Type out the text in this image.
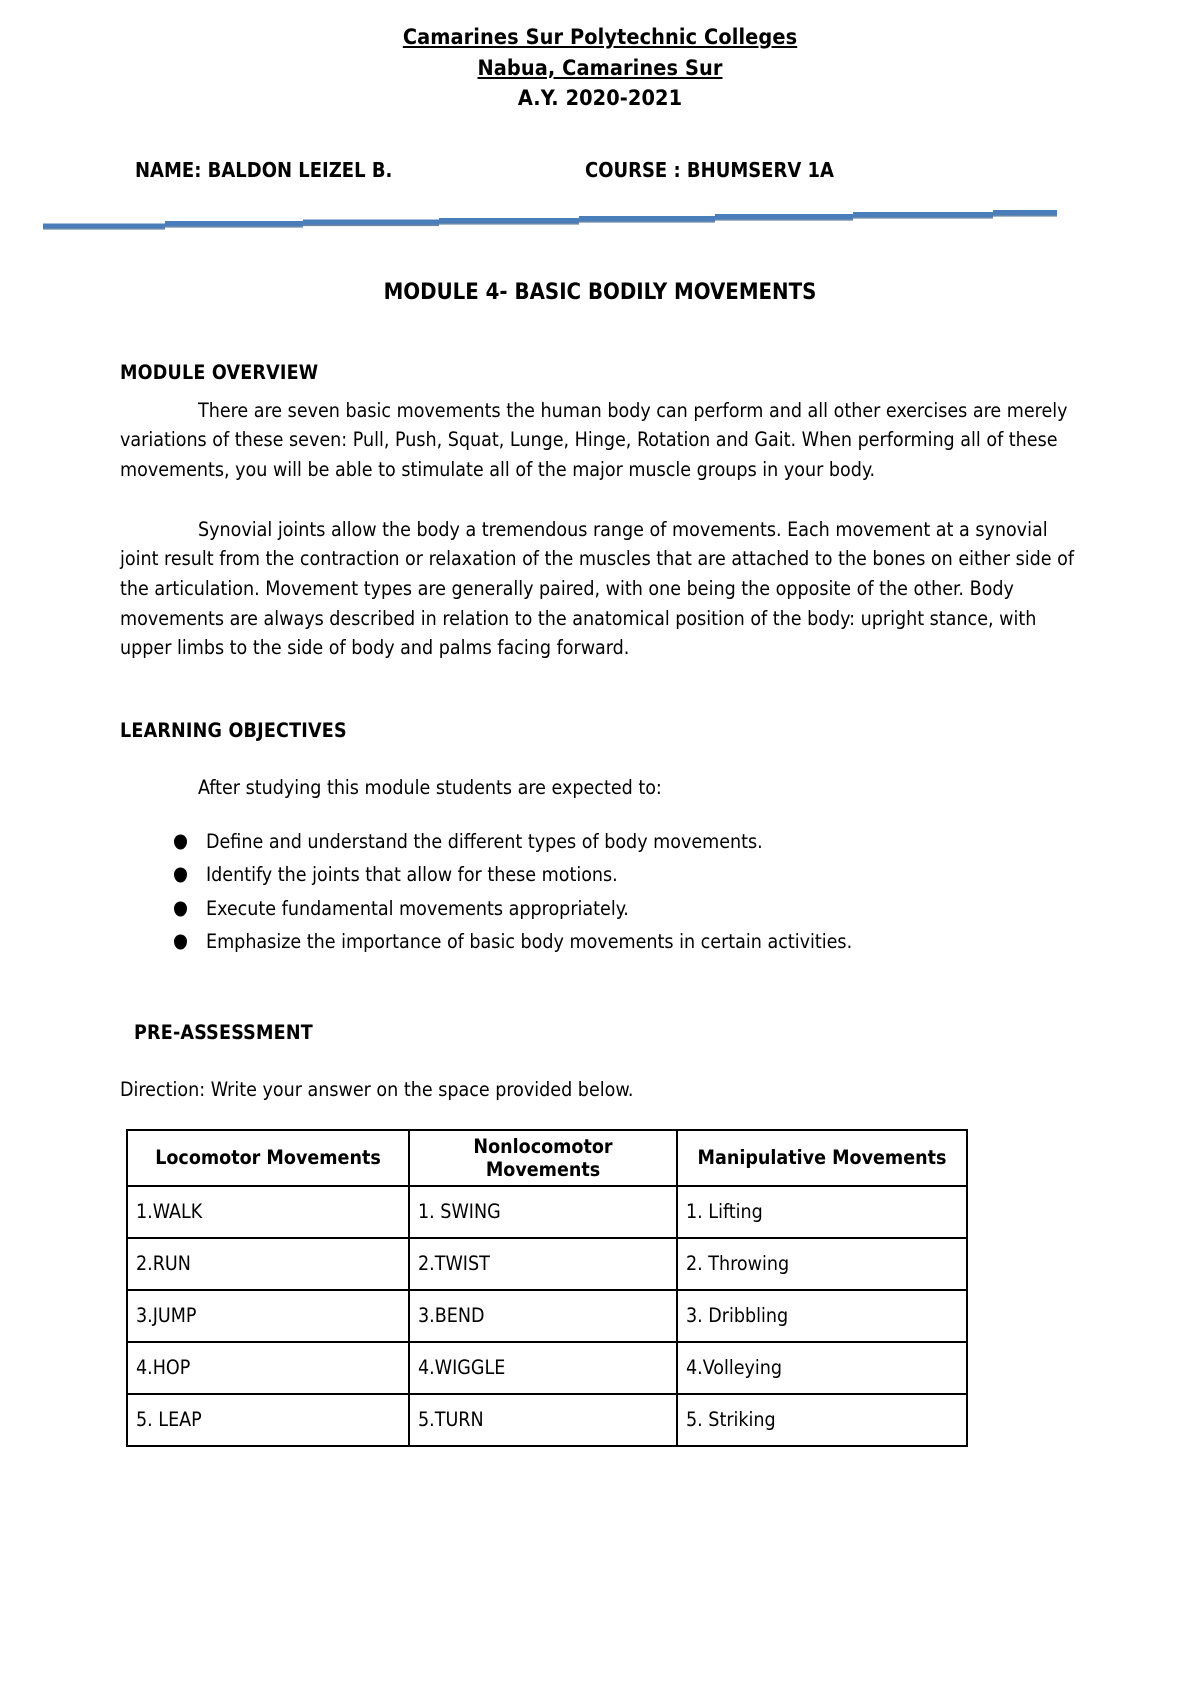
Camarines Sur Polytechnic Colleges
Nabua, Camarines Sur
A.Y. 2020-2021
NAME: BALDON LEIZEL B.	COURSE : BHUMSERV 1A
MODULE 4- BASIC BODILY MOVEMENTS
MODULE OVERVIEW
There are seven basic movements the human body can perform and all other exercises are merely variations of these seven: Pull, Push, Squat, Lunge, Hinge, Rotation and Gait. When performing all of these movements, you will be able to stimulate all of the major muscle groups in your body.
Synovial joints allow the body a tremendous range of movements. Each movement at a synovial joint result from the contraction or relaxation of the muscles that are attached to the bones on either side of the articulation. Movement types are generally paired, with one being the opposite of the other. Body movements are always described in relation to the anatomical position of the body: upright stance, with upper limbs to the side of body and palms facing forward.
LEARNING OBJECTIVES
After studying this module students are expected to:
Define and understand the different types of body movements.
Identify the joints that allow for these motions.
Execute fundamental movements appropriately.
Emphasize the importance of basic body movements in certain activities.
PRE-ASSESSMENT
Direction: Write your answer on the space provided below.
Locomotor Movements	Nonlocomotor Movements	Manipulative Movements
1.WALK	1. SWING	1. Lifting
2.RUN	2.TWIST	2. Throwing
3.JUMP	3.BEND	3. Dribbling
4.HOP	4.WIGGLE	4.Volleying
5. LEAP	5.TURN	5. Striking
